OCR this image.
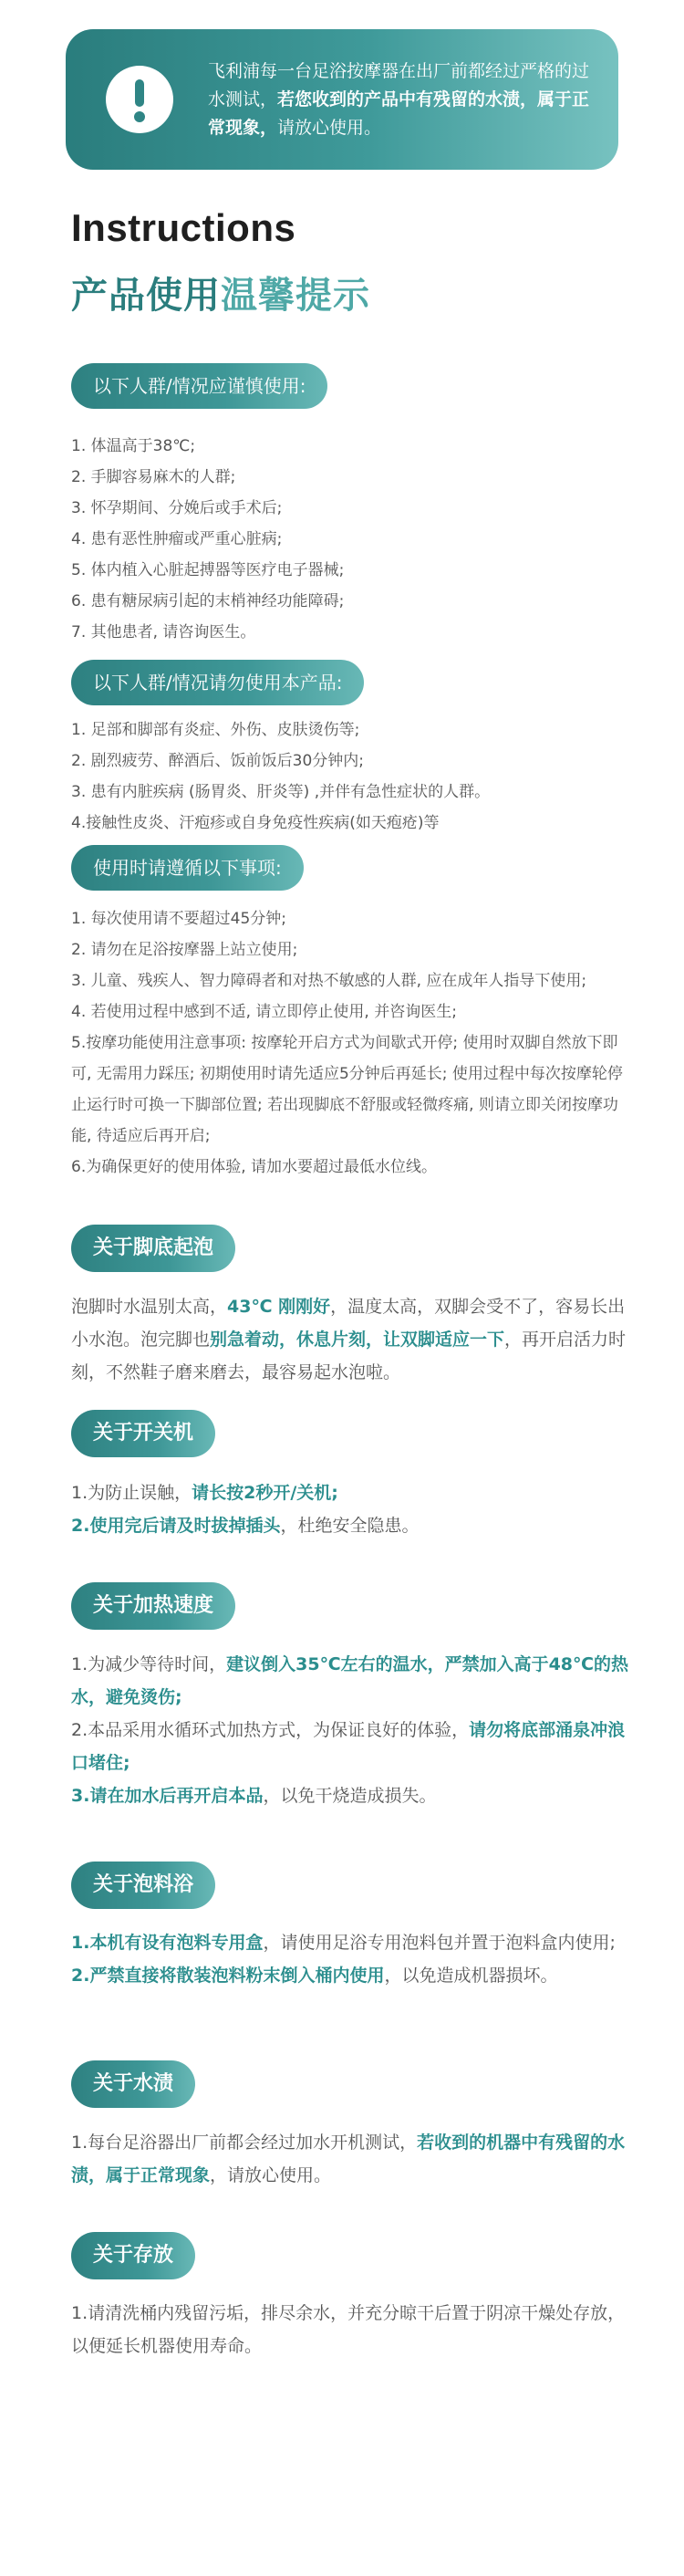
飞利浦每一台足浴按摩器在出厂前都经过严格的过水测试，若您收到的产品中有残留的水渍，属于正常现象，请放心使用。
Instructions
产品使用温馨提示
以下人群/情况应谨慎使用:
1. 体温高于38℃;
2. 手脚容易麻木的人群;
3. 怀孕期间、分娩后或手术后;
4. 患有恶性肿瘤或严重心脏病;
5. 体内植入心脏起搏器等医疗电子器械;
6. 患有糖尿病引起的末梢神经功能障碍;
7. 其他患者, 请咨询医生。
以下人群/情况请勿使用本产品:
1. 足部和脚部有炎症、外伤、皮肤烫伤等;
2. 剧烈疲劳、醉酒后、饭前饭后30分钟内;
3. 患有内脏疾病 (肠胃炎、肝炎等) ,并伴有急性症状的人群。
4.接触性皮炎、汗疱疹或自身免疫性疾病(如天疱疮)等
使用时请遵循以下事项:
1. 每次使用请不要超过45分钟;
2. 请勿在足浴按摩器上站立使用;
3. 儿童、残疾人、智力障碍者和对热不敏感的人群, 应在成年人指导下使用;
4. 若使用过程中感到不适, 请立即停止使用, 并咨询医生;
5.按摩功能使用注意事项: 按摩轮开启方式为间歇式开停; 使用时双脚自然放下即可, 无需用力踩压; 初期使用时请先适应5分钟后再延长; 使用过程中每次按摩轮停止运行时可换一下脚部位置; 若出现脚底不舒服或轻微疼痛, 则请立即关闭按摩功能, 待适应后再开启;
6.为确保更好的使用体验, 请加水要超过最低水位线。
关于脚底起泡
泡脚时水温别太高，43℃ 刚刚好，温度太高，双脚会受不了，容易长出小水泡。泡完脚也别急着动，休息片刻，让双脚适应一下，再开启活力时刻，不然鞋子磨来磨去，最容易起水泡啦。
关于开关机
1.为防止误触，请长按2秒开/关机;
2.使用完后请及时拔掉插头，杜绝安全隐患。
关于加热速度
1.为减少等待时间，建议倒入35℃左右的温水，严禁加入高于48℃的热水，避免烫伤;
2.本品采用水循环式加热方式，为保证良好的体验，请勿将底部涌泉冲浪口堵住;
3.请在加水后再开启本品，以免干烧造成损失。
关于泡料浴
1.本机有设有泡料专用盒，请使用足浴专用泡料包并置于泡料盒内使用;
2.严禁直接将散装泡料粉末倒入桶内使用，以免造成机器损坏。
关于水渍
1.每台足浴器出厂前都会经过加水开机测试，若收到的机器中有残留的水渍，属于正常现象，请放心使用。
关于存放
1.请清洗桶内残留污垢，排尽余水，并充分晾干后置于阴凉干燥处存放，以便延长机器使用寿命。
